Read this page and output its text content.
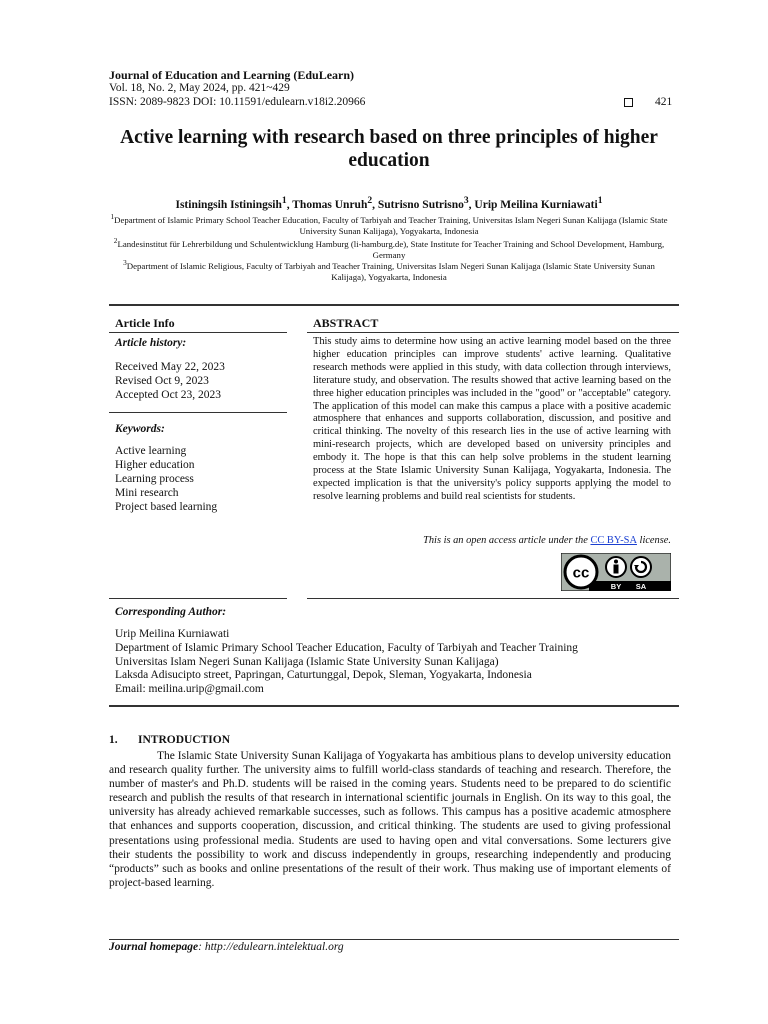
Journal of Education and Learning (EduLearn)
Vol. 18, No. 2, May 2024, pp. 421~429
ISSN: 2089-9823 DOI: 10.11591/edulearn.v18i2.20966	421
Active learning with research based on three principles of higher education
Istiningsih Istiningsih$^1$, Thomas Unruh$^2$, Sutrisno Sutrisno$^3$, Urip Meilina Kurniawati$^1$
$^1$Department of Islamic Primary School Teacher Education, Faculty of Tarbiyah and Teacher Training, Universitas Islam Negeri Sunan Kalijaga (Islamic State University Sunan Kalijaga), Yogyakarta, Indonesia
$^2$Landesinstitut für Lehrerbildung und Schulentwicklung Hamburg (li-hamburg.de), State Institute for Teacher Training and School Development, Hamburg, Germany
$^3$Department of Islamic Religious, Faculty of Tarbiyah and Teacher Training, Universitas Islam Negeri Sunan Kalijaga (Islamic State University Sunan Kalijaga), Yogyakarta, Indonesia
Article Info
Article history:
Received May 22, 2023
Revised Oct 9, 2023
Accepted Oct 23, 2023
Keywords:
Active learning
Higher education
Learning process
Mini research
Project based learning
ABSTRACT
This study aims to determine how using an active learning model based on the three higher education principles can improve students' active learning. Qualitative research methods were applied in this study, with data collection through interviews, literature study, and observation. The results showed that active learning based on the three higher education principles was included in the "good" or "acceptable" category. The application of this model can make this campus a place with a positive academic atmosphere that enhances and supports collaboration, discussion, and positive and critical thinking. The novelty of this research lies in the use of active learning with mini-research projects, which are developed based on university principles and embody it. The hope is that this can help solve problems in the student learning process at the State Islamic University Sunan Kalijaga, Yogyakarta, Indonesia. The expected implication is that the university's policy supports applying the model to resolve learning problems and build real scientists for students.
This is an open access article under the CC BY-SA license.
cc
BY SA
Corresponding Author:
Urip Meilina Kurniawati
Department of Islamic Primary School Teacher Education, Faculty of Tarbiyah and Teacher Training
Universitas Islam Negeri Sunan Kalijaga (Islamic State University Sunan Kalijaga)
Laksda Adisucipto street, Papringan, Caturtunggal, Depok, Sleman, Yogyakarta, Indonesia
Email: meilina.urip@gmail.com
1. INTRODUCTION

The Islamic State University Sunan Kalijaga of Yogyakarta has ambitious plans to develop university education and research quality further. The university aims to fulfill world-class standards of teaching and research. Therefore, the number of master's and Ph.D. students will be raised in the coming years. Students need to be prepared to do scientific research and publish the results of that research in international scientific journals in English. On its way to this goal, the university has already achieved remarkable successes, such as follows. This campus has a positive academic atmosphere that enhances and supports cooperation, discussion, and critical thinking. The students are used to giving professional presentations using professional media. Students are used to having open and vital conversations. Some lecturers give their students the possibility to work and discuss independently in groups, researching independently and producing “products” such as books and online presentations of the result of their work. Thus making use of important elements of project-based learning.

Journal homepage: http://edulearn.intelektual.org
